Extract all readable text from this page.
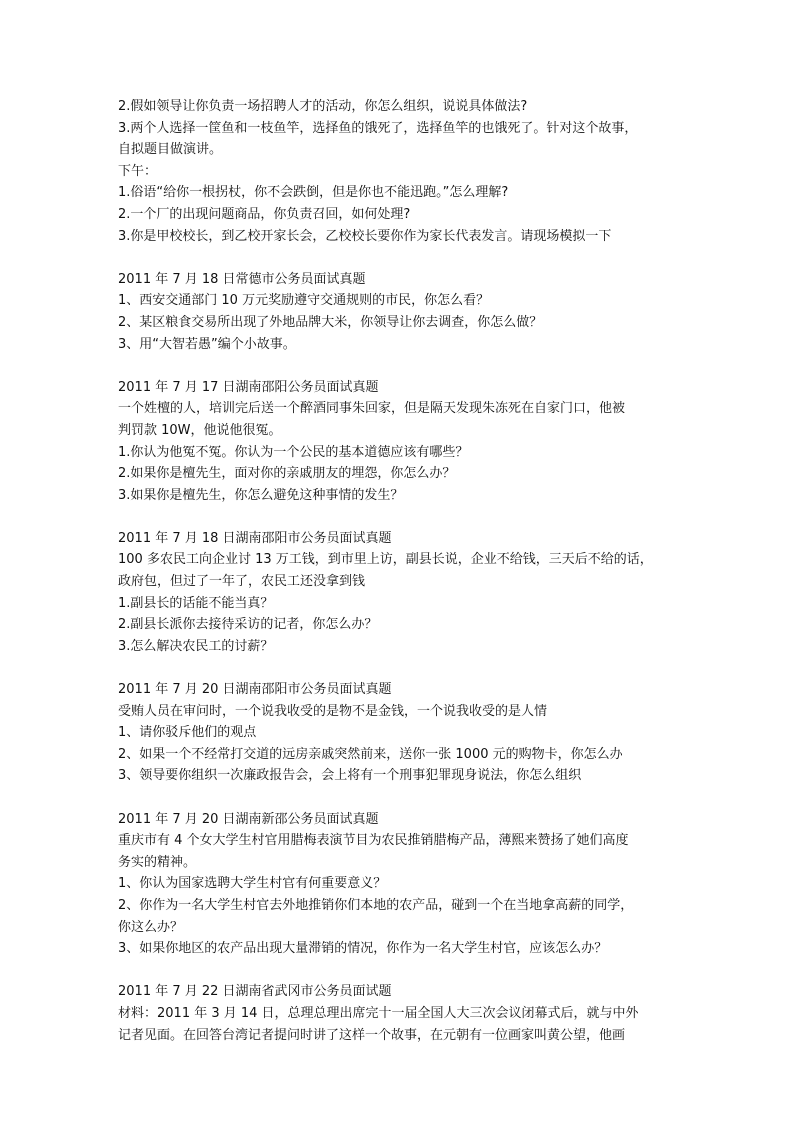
2.假如领导让你负责一场招聘人才的活动，你怎么组织，说说具体做法?
3.两个人选择一筐鱼和一枝鱼竿，选择鱼的饿死了，选择鱼竿的也饿死了。针对这个故事，
自拟题目做演讲。
下午：
1.俗语“给你一根拐杖，你不会跌倒，但是你也不能迅跑。”怎么理解?
2.一个厂的出现问题商品，你负责召回，如何处理?
3.你是甲校校长，到乙校开家长会，乙校校长要你作为家长代表发言。请现场模拟一下
2011 年 7 月 18 日常德市公务员面试真题
1、西安交通部门 10 万元奖励遵守交通规则的市民，你怎么看？
2、某区粮食交易所出现了外地品牌大米，你领导让你去调查，你怎么做？
3、用“大智若愚”编个小故事。
2011 年 7 月 17 日湖南邵阳公务员面试真题
一个姓檀的人，培训完后送一个醉酒同事朱回家，但是隔天发现朱冻死在自家门口，他被
判罚款 10W，他说他很冤。
1.你认为他冤不冤。你认为一个公民的基本道德应该有哪些？
2.如果你是檀先生，面对你的亲戚朋友的埋怨，你怎么办？
3.如果你是檀先生，你怎么避免这种事情的发生？
2011 年 7 月 18 日湖南邵阳市公务员面试真题
100 多农民工向企业讨 13 万工钱，到市里上访，副县长说，企业不给钱，三天后不给的话，
政府包，但过了一年了，农民工还没拿到钱
1.副县长的话能不能当真？
2.副县长派你去接待采访的记者，你怎么办？
3.怎么解决农民工的讨薪？
2011 年 7 月 20 日湖南邵阳市公务员面试真题
受贿人员在审问时，一个说我收受的是物不是金钱，一个说我收受的是人情
1、请你驳斥他们的观点
2、如果一个不经常打交道的远房亲戚突然前来，送你一张 1000 元的购物卡，你怎么办
3、领导要你组织一次廉政报告会，会上将有一个刑事犯罪现身说法，你怎么组织
2011 年 7 月 20 日湖南新邵公务员面试真题
重庆市有 4 个女大学生村官用腊梅表演节目为农民推销腊梅产品，薄熙来赞扬了她们高度
务实的精神。
1、你认为国家选聘大学生村官有何重要意义？
2、你作为一名大学生村官去外地推销你们本地的农产品，碰到一个在当地拿高薪的同学，
你这么办？
3、如果你地区的农产品出现大量滞销的情况，你作为一名大学生村官，应该怎么办？
2011 年 7 月 22 日湖南省武冈市公务员面试题
材料：2011 年 3 月 14 日，总理总理出席完十一届全国人大三次会议闭幕式后，就与中外
记者见面。在回答台湾记者提问时讲了这样一个故事，在元朝有一位画家叫黄公望，他画
